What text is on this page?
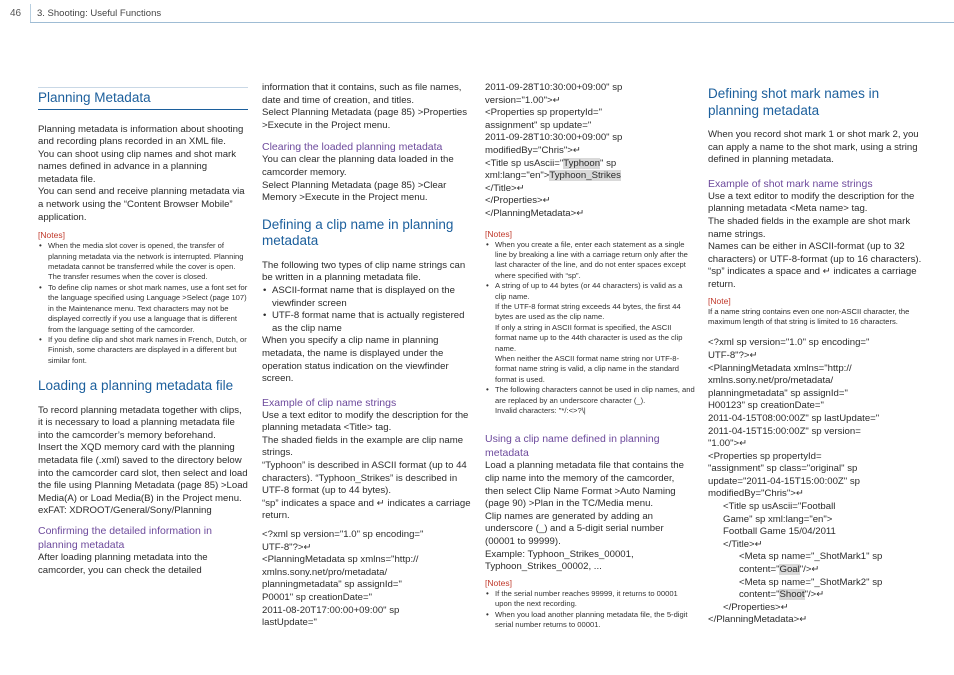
46 3. Shooting: Useful Functions
Planning Metadata

Planning metadata is information about shooting and recording plans recorded in an XML file.

You can shoot using clip names and shot mark names defined in advance in a planning metadata file.

You can send and receive planning metadata via a network using the “Content Browser Mobile” application.

[Notes]
• When the media slot cover is opened, the transfer of planning metadata via the network is interrupted. Planning metadata cannot be transferred while the cover is open. The transfer resumes when the cover is closed.
• To define clip names or shot mark names, use a font set for the language specified using Language >Select (page 107) in the Maintenance menu. Text characters may not be displayed correctly if you use a language that is different from the language setting of the camcorder.
• If you define clip and shot mark names in French, Dutch, or Finnish, some characters are displayed in a different but similar font.
Loading a planning metadata file

To record planning metadata together with clips, it is necessary to load a planning metadata file into the camcorder’s memory beforehand.

Insert the XQD memory card with the planning metadata file (.xml) saved to the directory below into the camcorder card slot, then select and load the file using Planning Metadata (page 85) >Load Media(A) or Load Media(B) in the Project menu.

exFAT: XDROOT/General/Sony/Planning

Confirming the detailed information in planning metadata

After loading planning metadata into the camcorder, you can check the detailed

information that it contains, such as file names, date and time of creation, and titles.

Select Planning Metadata (page 85) >Properties >Execute in the Project menu.

Clearing the loaded planning metadata

You can clear the planning data loaded in the camcorder memory.

Select Planning Metadata (page 85) >Clear Memory >Execute in the Project menu.

Defining a clip name in planning metadata

The following two types of clip name strings can be written in a planning metadata file.

• ASCII-format name that is displayed on the viewfinder screen
• UTF-8 format name that is actually registered as the clip name

When you specify a clip name in planning metadata, the name is displayed under the operation status indication on the viewfinder screen.

Example of clip name strings

Use a text editor to modify the description for the planning metadata <Title> tag.

The shaded fields in the example are clip name strings.

“Typhoon” is described in ASCII format (up to 44 characters). “Typhoon_Strikes” is described in UTF-8 format (up to 44 bytes).

“sp” indicates a space and ↵ indicates a carriage return.

<?xml sp version="1.0" sp encoding="

UTF-8"?>↵

<PlanningMetadata sp xmlns="http://

xmlns.sony.net/pro/metadata/

planningmetadata" sp assignId="

P0001" sp creationDate="

2011-08-20T17:00:00+09:00" sp

lastUpdate="

2011-09-28T10:30:00+09:00" sp

version="1.00">↵

<Properties sp propertyId="

assignment" sp update="

2011-09-28T10:30:00+09:00" sp

modifiedBy="Chris">↵

<Title sp usAscii="Typhoon" sp

xml:lang="en">Typhoon_Strikes

</Title>↵

</Properties>↵

</PlanningMetadata>↵

[Notes]
• When you create a file, enter each statement as a single line by breaking a line with a carriage return only after the last character of the line, and do not enter spaces except where specified with “sp”.
• A string of up to 44 bytes (or 44 characters) is valid as a clip name.
If the UTF-8 format string exceeds 44 bytes, the first 44 bytes are used as the clip name.
If only a string in ASCII format is specified, the ASCII format name up to the 44th character is used as the clip name.
When neither the ASCII format name string nor UTF-8-format name string is valid, a clip name in the standard format is used.
• The following characters cannot be used in clip names, and are replaced by an underscore character (_).
Invalid characters: "*/:<>?\|
Using a clip name defined in planning metadata

Load a planning metadata file that contains the clip name into the memory of the camcorder, then select Clip Name Format >Auto Naming (page 90) >Plan in the TC/Media menu.

Clip names are generated by adding an underscore (_) and a 5-digit serial number (00001 to 99999).

Example: Typhoon_Strikes_00001, Typhoon_Strikes_00002, ...

[Notes]
• If the serial number reaches 99999, it returns to 00001 upon the next recording.
• When you load another planning metadata file, the 5-digit serial number returns to 00001.
Defining shot mark names in planning metadata

When you record shot mark 1 or shot mark 2, you can apply a name to the shot mark, using a string defined in planning metadata.

Example of shot mark name strings

Use a text editor to modify the description for the planning metadata <Meta name> tag.

The shaded fields in the example are shot mark name strings.

Names can be either in ASCII-format (up to 32 characters) or UTF-8-format (up to 16 characters).

“sp” indicates a space and ↵ indicates a carriage return.

[Note]

If a name string contains even one non-ASCII character, the maximum length of that string is limited to 16 characters.

<?xml sp version="1.0" sp encoding="

UTF-8"?>↵

<PlanningMetadata xmlns="http://

xmlns.sony.net/pro/metadata/

planningmetadata" sp assignId="

H00123" sp creationDate="

2011-04-15T08:00:00Z" sp lastUpdate="

2011-04-15T15:00:00Z" sp version=

"1.00">↵

<Properties sp propertyId=

"assignment" sp class="original" sp

update="2011-04-15T15:00:00Z" sp

modifiedBy="Chris">↵

<Title sp usAscii="Football

Game" sp xml:lang="en">

Football Game 15/04/2011

</Title>↵

<Meta sp name="_ShotMark1" sp

content="Goal"/>↵

<Meta sp name="_ShotMark2" sp

content="Shoot"/>↵

</Properties>↵

</PlanningMetadata>↵
